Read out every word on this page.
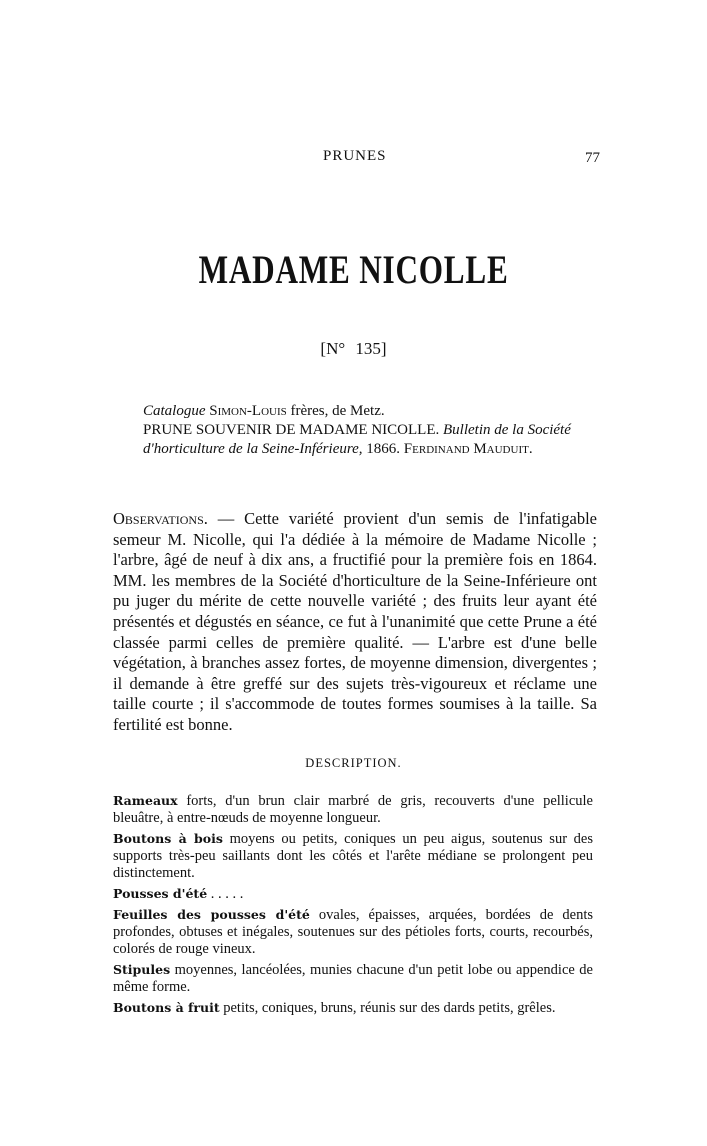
PRUNES	77
MADAME NICOLLE
[N° 135]

Catalogue Simon-Louis frères, de Metz.

PRUNE SOUVENIR DE MADAME NICOLLE. Bulletin de la Société d'horticulture de la Seine-Inférieure, 1866. Ferdinand Mauduit.

Observations. — Cette variété provient d'un semis de l'infatigable semeur M. Nicolle, qui l'a dédiée à la mémoire de Madame Nicolle ; l'arbre, âgé de neuf à dix ans, a fructifié pour la première fois en 1864. MM. les membres de la Société d'horticulture de la Seine-Inférieure ont pu juger du mérite de cette nouvelle variété ; des fruits leur ayant été présentés et dégustés en séance, ce fut à l'unanimité que cette Prune a été classée parmi celles de première qualité. — L'arbre est d'une belle végétation, à branches assez fortes, de moyenne dimension, divergentes ; il demande à être greffé sur des sujets très-vigoureux et réclame une taille courte ; il s'accommode de toutes formes soumises à la taille. Sa fertilité est bonne.

DESCRIPTION.

Rameaux forts, d'un brun clair marbré de gris, recouverts d'une pellicule bleuâtre, à entre-nœuds de moyenne longueur.

Boutons à bois moyens ou petits, coniques un peu aigus, soutenus sur des supports très-peu saillants dont les côtés et l'arête médiane se prolongent peu distinctement.

Pousses d'été . . . . .

Feuilles des pousses d'été ovales, épaisses, arquées, bordées de dents profondes, obtuses et inégales, soutenues sur des pétioles forts, courts, recourbés, colorés de rouge vineux.

Stipules moyennes, lancéolées, munies chacune d'un petit lobe ou appendice de même forme.

Boutons à fruit petits, coniques, bruns, réunis sur des dards petits, grêles.
